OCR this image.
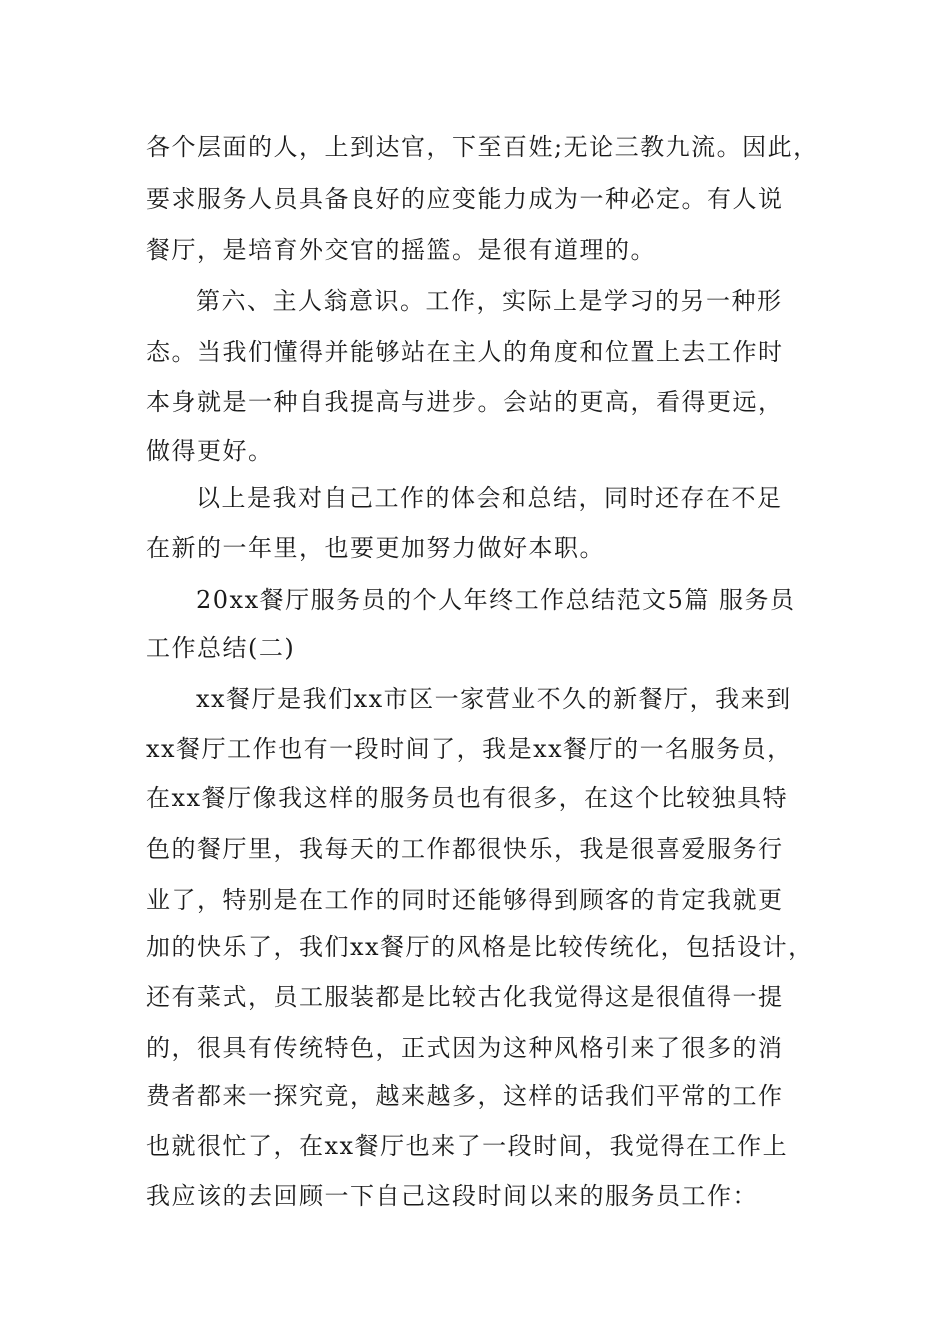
各个层面的人，上到达官，下至百姓;无论三教九流。因此，
要求服务人员具备良好的应变能力成为一种必定。有人说
餐厅，是培育外交官的摇篮。是很有道理的。
第六、主人翁意识。工作，实际上是学习的另一种形
态。当我们懂得并能够站在主人的角度和位置上去工作时
本身就是一种自我提高与进步。会站的更高，看得更远，
做得更好。
以上是我对自己工作的体会和总结，同时还存在不足
在新的一年里，也要更加努力做好本职。
20xx餐厅服务员的个人年终工作总结范文5篇 服务员
工作总结(二)
xx餐厅是我们xx市区一家营业不久的新餐厅，我来到
xx餐厅工作也有一段时间了，我是xx餐厅的一名服务员，
在xx餐厅像我这样的服务员也有很多，在这个比较独具特
色的餐厅里，我每天的工作都很快乐，我是很喜爱服务行
业了，特别是在工作的同时还能够得到顾客的肯定我就更
加的快乐了，我们xx餐厅的风格是比较传统化，包括设计，
还有菜式，员工服装都是比较古化我觉得这是很值得一提
的，很具有传统特色，正式因为这种风格引来了很多的消
费者都来一探究竟，越来越多，这样的话我们平常的工作
也就很忙了，在xx餐厅也来了一段时间，我觉得在工作上
我应该的去回顾一下自己这段时间以来的服务员工作：
